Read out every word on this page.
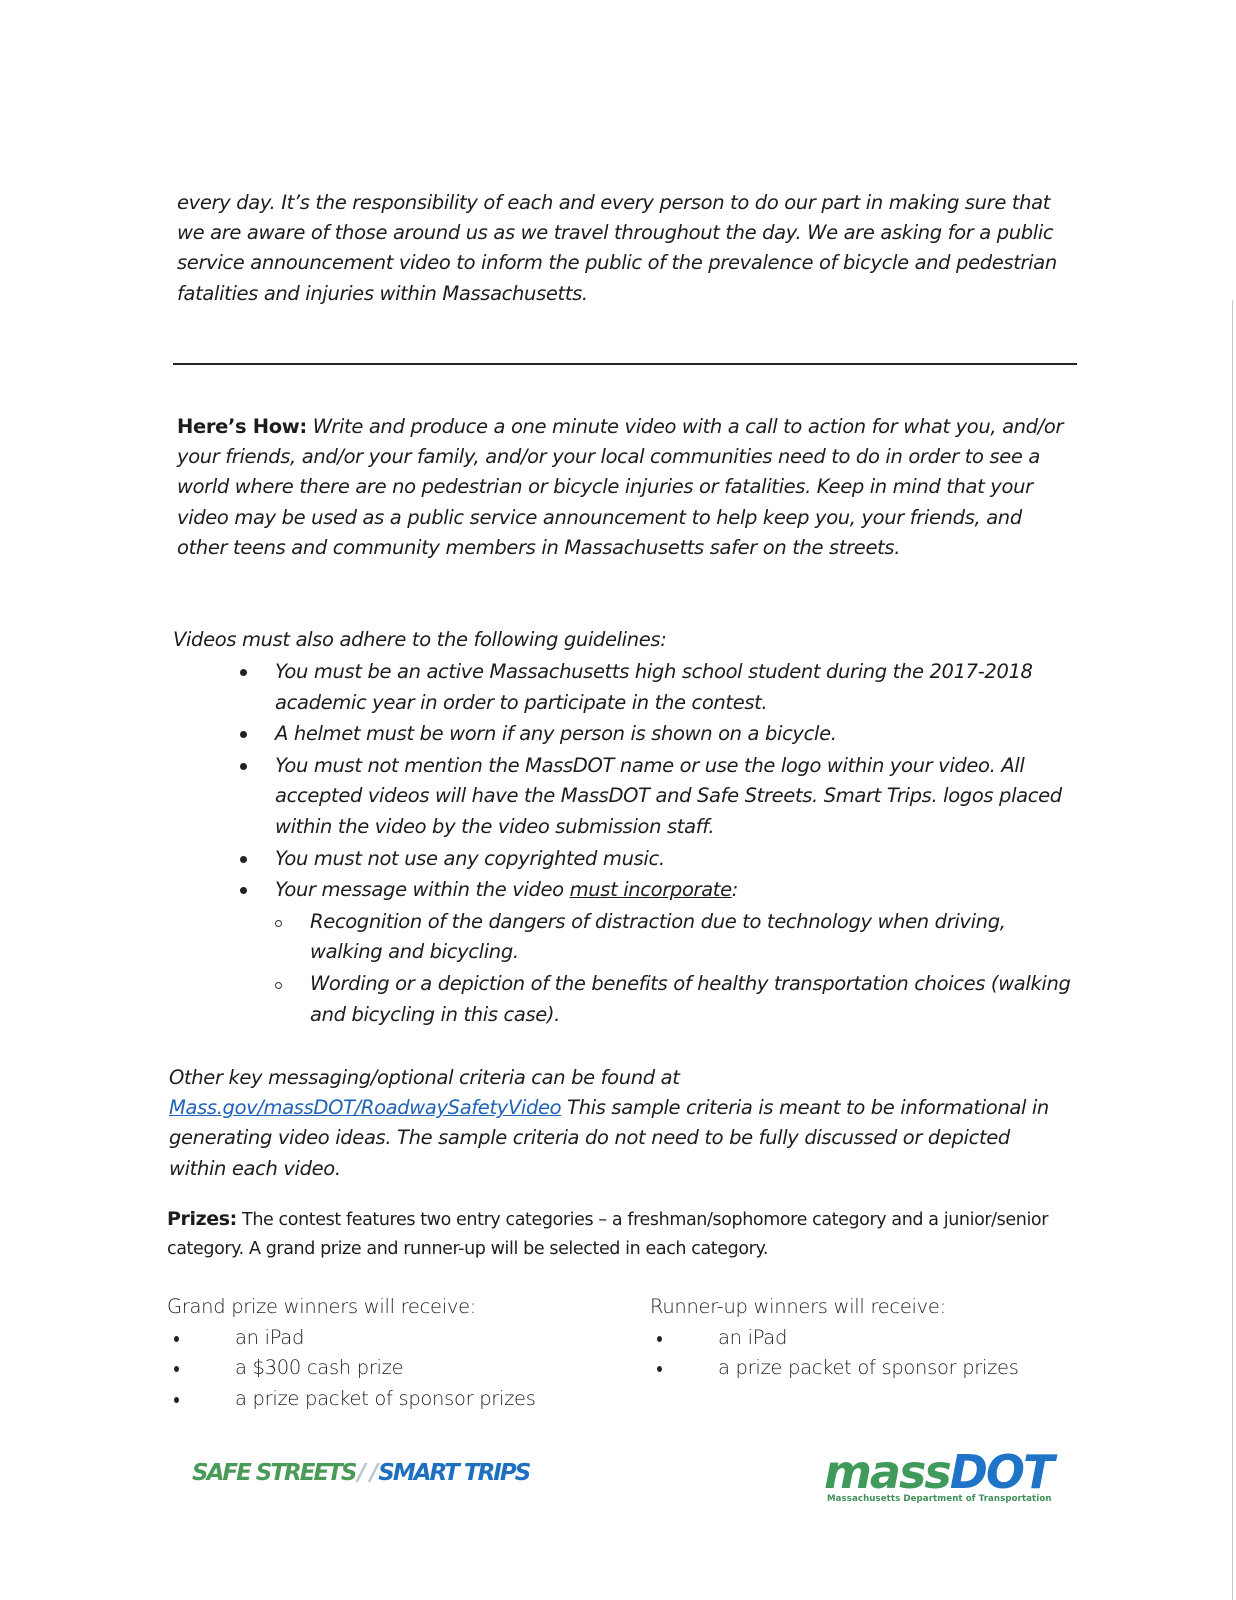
every day. It’s the responsibility of each and every person to do our part in making sure that we are aware of those around us as we travel throughout the day. We are asking for a public service announcement video to inform the public of the prevalence of bicycle and pedestrian fatalities and injuries within Massachusetts.

Here’s How: Write and produce a one minute video with a call to action for what you, and/or your friends, and/or your family, and/or your local communities need to do in order to see a world where there are no pedestrian or bicycle injuries or fatalities. Keep in mind that your video may be used as a public service announcement to help keep you, your friends, and other teens and community members in Massachusetts safer on the streets.

Videos must also adhere to the following guidelines:

You must be an active Massachusetts high school student during the 2017-2018 academic year in order to participate in the contest.
A helmet must be worn if any person is shown on a bicycle.
You must not mention the MassDOT name or use the logo within your video. All accepted videos will have the MassDOT and Safe Streets. Smart Trips. logos placed within the video by the video submission staff.
You must not use any copyrighted music.
Your message within the video must incorporate:
Recognition of the dangers of distraction due to technology when driving, walking and bicycling.
Wording or a depiction of the benefits of healthy transportation choices (walking and bicycling in this case).

Other key messaging/optional criteria can be found at
Mass.gov/massDOT/RoadwaySafetyVideo This sample criteria is meant to be informational in generating video ideas. The sample criteria do not need to be fully discussed or depicted within each video.

Prizes: The contest features two entry categories – a freshman/sophomore category and a junior/senior category. A grand prize and runner-up will be selected in each category.

Grand prize winners will receive:
an iPad
a $300 cash prize
a prize packet of sponsor prizes
Runner-up winners will receive:
an iPad
a prize packet of sponsor prizes
SAFE STREETS/ /SMART TRIPS	massDOT
Massachusetts Department of Transportation
